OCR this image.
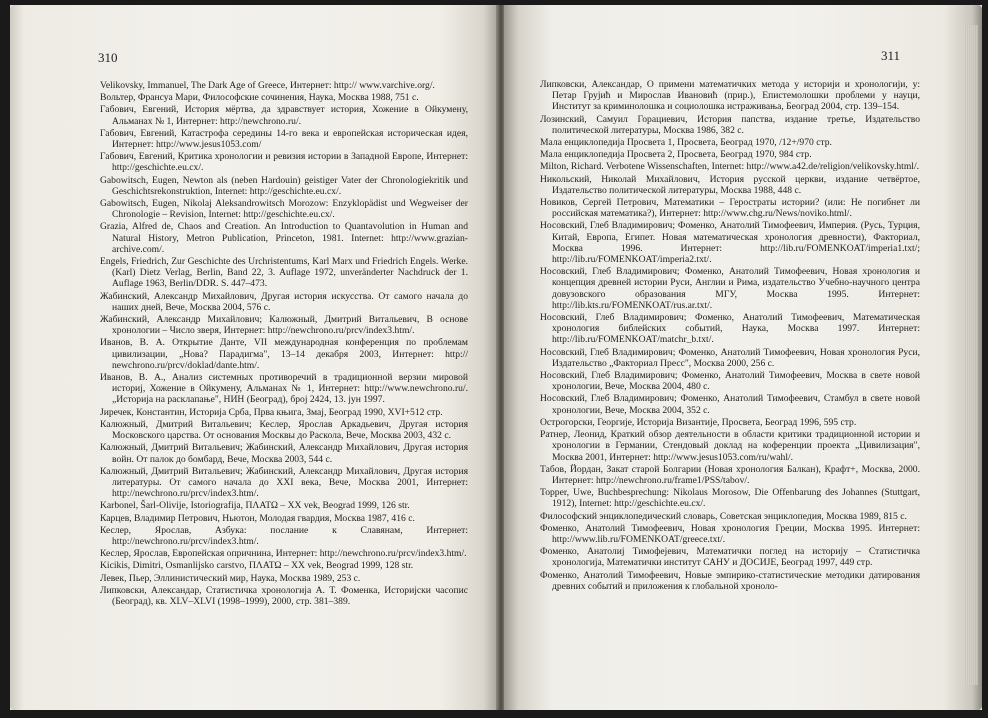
310

Velikovsky, Immanuel, The Dark Age of Greece, Интернет: http:// www.varchive.org/.

Вольтер, Франсуа Мари, Философские сочинения, Наука, Москва 1988, 751 с.

Габович, Евгений, История мёртва, да здравствует история, Хожение в Ойкумену, Альманах № 1, Интернет: http://newchrono.ru/.

Габович, Евгений, Катастрофа середины 14-го века и европейская историческая идея, Интернет: http://www.jesus1053.com/

Габович, Евгений, Критика хронологии и ревизия истории в Западной Европе, Интернет: http://geschichte.eu.cx/.

Gabowitsch, Eugen, Newton als (neben Hardouin) geistiger Vater der Chronologiekritik und Geschichtsrekonstruktion, Internet: http://geschichte.eu.cx/.

Gabowitsch, Eugen, Nikolaj Aleksandrowitsch Morozow: Enzyklopädist und Wegweiser der Chronologie – Revision, Internet: http://geschichte.eu.cx/.

Grazia, Alfred de, Chaos and Creation. An Introduction to Quantavolution in Human and Natural History, Metron Publication, Princeton, 1981. Internet: http://www.grazian-archive.com/.

Engels, Friedrich, Zur Geschichte des Urchristentums, Karl Marx und Friedrich Engels. Werke. (Karl) Dietz Verlag, Berlin, Band 22, 3. Auflage 1972, unveränderter Nachdruck der 1. Auflage 1963, Berlin/DDR. S. 447–473.

Жабинский, Александр Михайлович, Другая история искусства. От самого начала до наших дней, Вече, Москва 2004, 576 с.

Жабинский, Александр Михайлович; Калюжный, Дмитрий Витальевич, В основе хронологии – Число зверя, Интернет: http://newchrono.ru/prcv/index3.htm/.

Иванов, В. А. Открытие Данте, VII международная конференция по проблемам цивилизации, „Нова? Парадигма", 13–14 декабря 2003, Интернет: http:// newchrono.ru/prcv/doklad/dante.htm/.

Иванов, В. А., Анализ системных противоречий в традиционной верзии мировой историј, Хожение в Ойкумену, Альманах № 1, Интернет: http://www.newchrono.ru/. „Историја на расклапање", НИН (Београд), број 2424, 13. јун 1997.

Јиречек, Константин, Историја Срба, Прва књига, Змај, Београд 1990, XVI+512 стр.

Калюжный, Дмитрий Витальевич; Кеслер, Ярослав Аркадьевич, Другая история Московского царства. От основания Москвы до Раскола, Вече, Москва 2003, 432 с.

Калюжный, Дмитрий Витальевич; Жабинский, Александр Михайлович, Другая история войн. От палок до бомбард, Вече, Москва 2003, 544 с.

Калюжный, Дмитрий Витальевич; Жабинский, Александр Михайлович, Другая история литературы. От самого начала до XXI века, Вече, Москва 2001, Интернет: http://newchrono.ru/prcv/index3.htm/.

Karbonel, Šarl-Olivije, Istoriografija, ПΛΑΤΩ – XX vek, Beograd 1999, 126 str.

Карцев, Владимир Петрович, Ньютон, Молодая гвардия, Москва 1987, 416 с.

Кеслер, Ярослав, Азбука: послание к Славянам, Интернет: http://newchrono.ru/prcv/index3.htm/.

Кеслер, Ярослав, Европейская опричнина, Интернет: http://newchrono.ru/prcv/index3.htm/.

Kicikis, Dimitri, Osmanlijsko carstvo, ПΛΑΤΩ – XX vek, Beograd 1999, 128 str.

Левек, Пьер, Эллинистический мир, Наука, Москва 1989, 253 с.

Липковски, Александар, Статистичка хронологија А. Т. Фоменка, Историјски часопис (Београд), кв. XLV–XLVI (1998–1999), 2000, стр. 381–389.

311

Липковски, Александар, О примени математичких метода у историји и хронологији, у: Петар Грујић и Мирослав Ивановић (прир.), Епистемолошки проблеми у науци, Институт за криминолошка и социолошка истраживања, Београд 2004, стр. 139–154.

Лозинский, Самуил Горациевич, История папства, издание третье, Издательство политической литературы, Москва 1986, 382 с.

Мала енциклопедија Просвета 1, Просвета, Београд 1970, /12+/970 стр.

Мала енциклопедија Просвета 2, Просвета, Београд 1970, 984 стр.

Milton, Richard. Verbotene Wissenschaften, Internet: http://www.a42.de/religion/velikovsky.html/.

Никольский, Николай Михайлович, История русской церкви, издание четвёртое, Издательство политической литературы, Москва 1988, 448 с.

Новиков, Сергей Петрович, Математики – Геростраты истории? (или: Не погибнет ли российская математика?), Интернет: http://www.chg.ru/News/novikо.html/.

Носовский, Глеб Владимирович; Фоменко, Анатолий Тимофеевич, Империя. (Русь, Турция, Китай, Европа, Египет. Новая математическая хронология древности), Факториал, Москва 1996. Интернет: http://lib.ru/FOMENKOAT/imperia1.txt/; http://lib.ru/FOMENKOAT/imperia2.txt/.

Носовский, Глеб Владимирович; Фоменко, Анатолий Тимофеевич, Новая хронология и концепция древней истории Руси, Англии и Рима, издательство Учебно-научного центра довузовского образования МГУ, Москва 1995. Интернет: http://lib.kts.ru/FOMENKOAT/rus.ar.txt/.

Носовский, Глеб Владимирович; Фоменко, Анатолий Тимофеевич, Математическая хронология библейских событий, Наука, Москва 1997. Интернет: http://lib.ru/FOMENKOAT/matchr_b.txt/.

Носовский, Глеб Владимирович; Фоменко, Анатолий Тимофеевич, Новая хронология Руси, Издательство „Факториал Пресс", Москва 2000, 256 с.

Носовский, Глеб Владимирович; Фоменко, Анатолий Тимофеевич, Москва в свете новой хронологии, Вече, Москва 2004, 480 с.

Носовский, Глеб Владимирович; Фоменко, Анатолий Тимофеевич, Стамбул в свете новой хронологии, Вече, Москва 2004, 352 с.

Острогорски, Георгије, Историја Византије, Просвета, Београд 1996, 595 стр.

Ратнер, Леонид, Краткий обзор деятельности в области критики традиционной истории и хронологии в Германии, Стендовый доклад на коференции проекта „Цивилизация", Москва 2001, Интернет: http://www.jesus1053.com/ru/wahl/.

Табов, Йордан, Закат старой Болгарии (Новая хронология Балкан), Крафт+, Москва, 2000. Интернет: http://newchrono.ru/frame1/PSS/tabov/.

Topper, Uwe, Buchbesprechung: Nikolaus Morosow, Die Offenbarung des Johannes (Stuttgart, 1912), Internet: http://geschichte.eu.cx/.

Философский энциклопедический словарь, Советская энциклопедия, Москва 1989, 815 с.

Фоменко, Анатолий Тимофеевич, Новая хронология Греции, Москва 1995. Интернет: http://www.lib.ru/FOMENKOAT/greece.txt/.

Фоменко, Анатолиј Тимофејевич, Математички поглед на историју – Статистичка хронологија, Математички институт САНУ и ДОСИЈЕ, Београд 1997, 449 стр.

Фоменко, Анатолий Тимофеевич, Новые эмпирико-статистические методики датирования древних событий и приложения к глобальной хроноло-
